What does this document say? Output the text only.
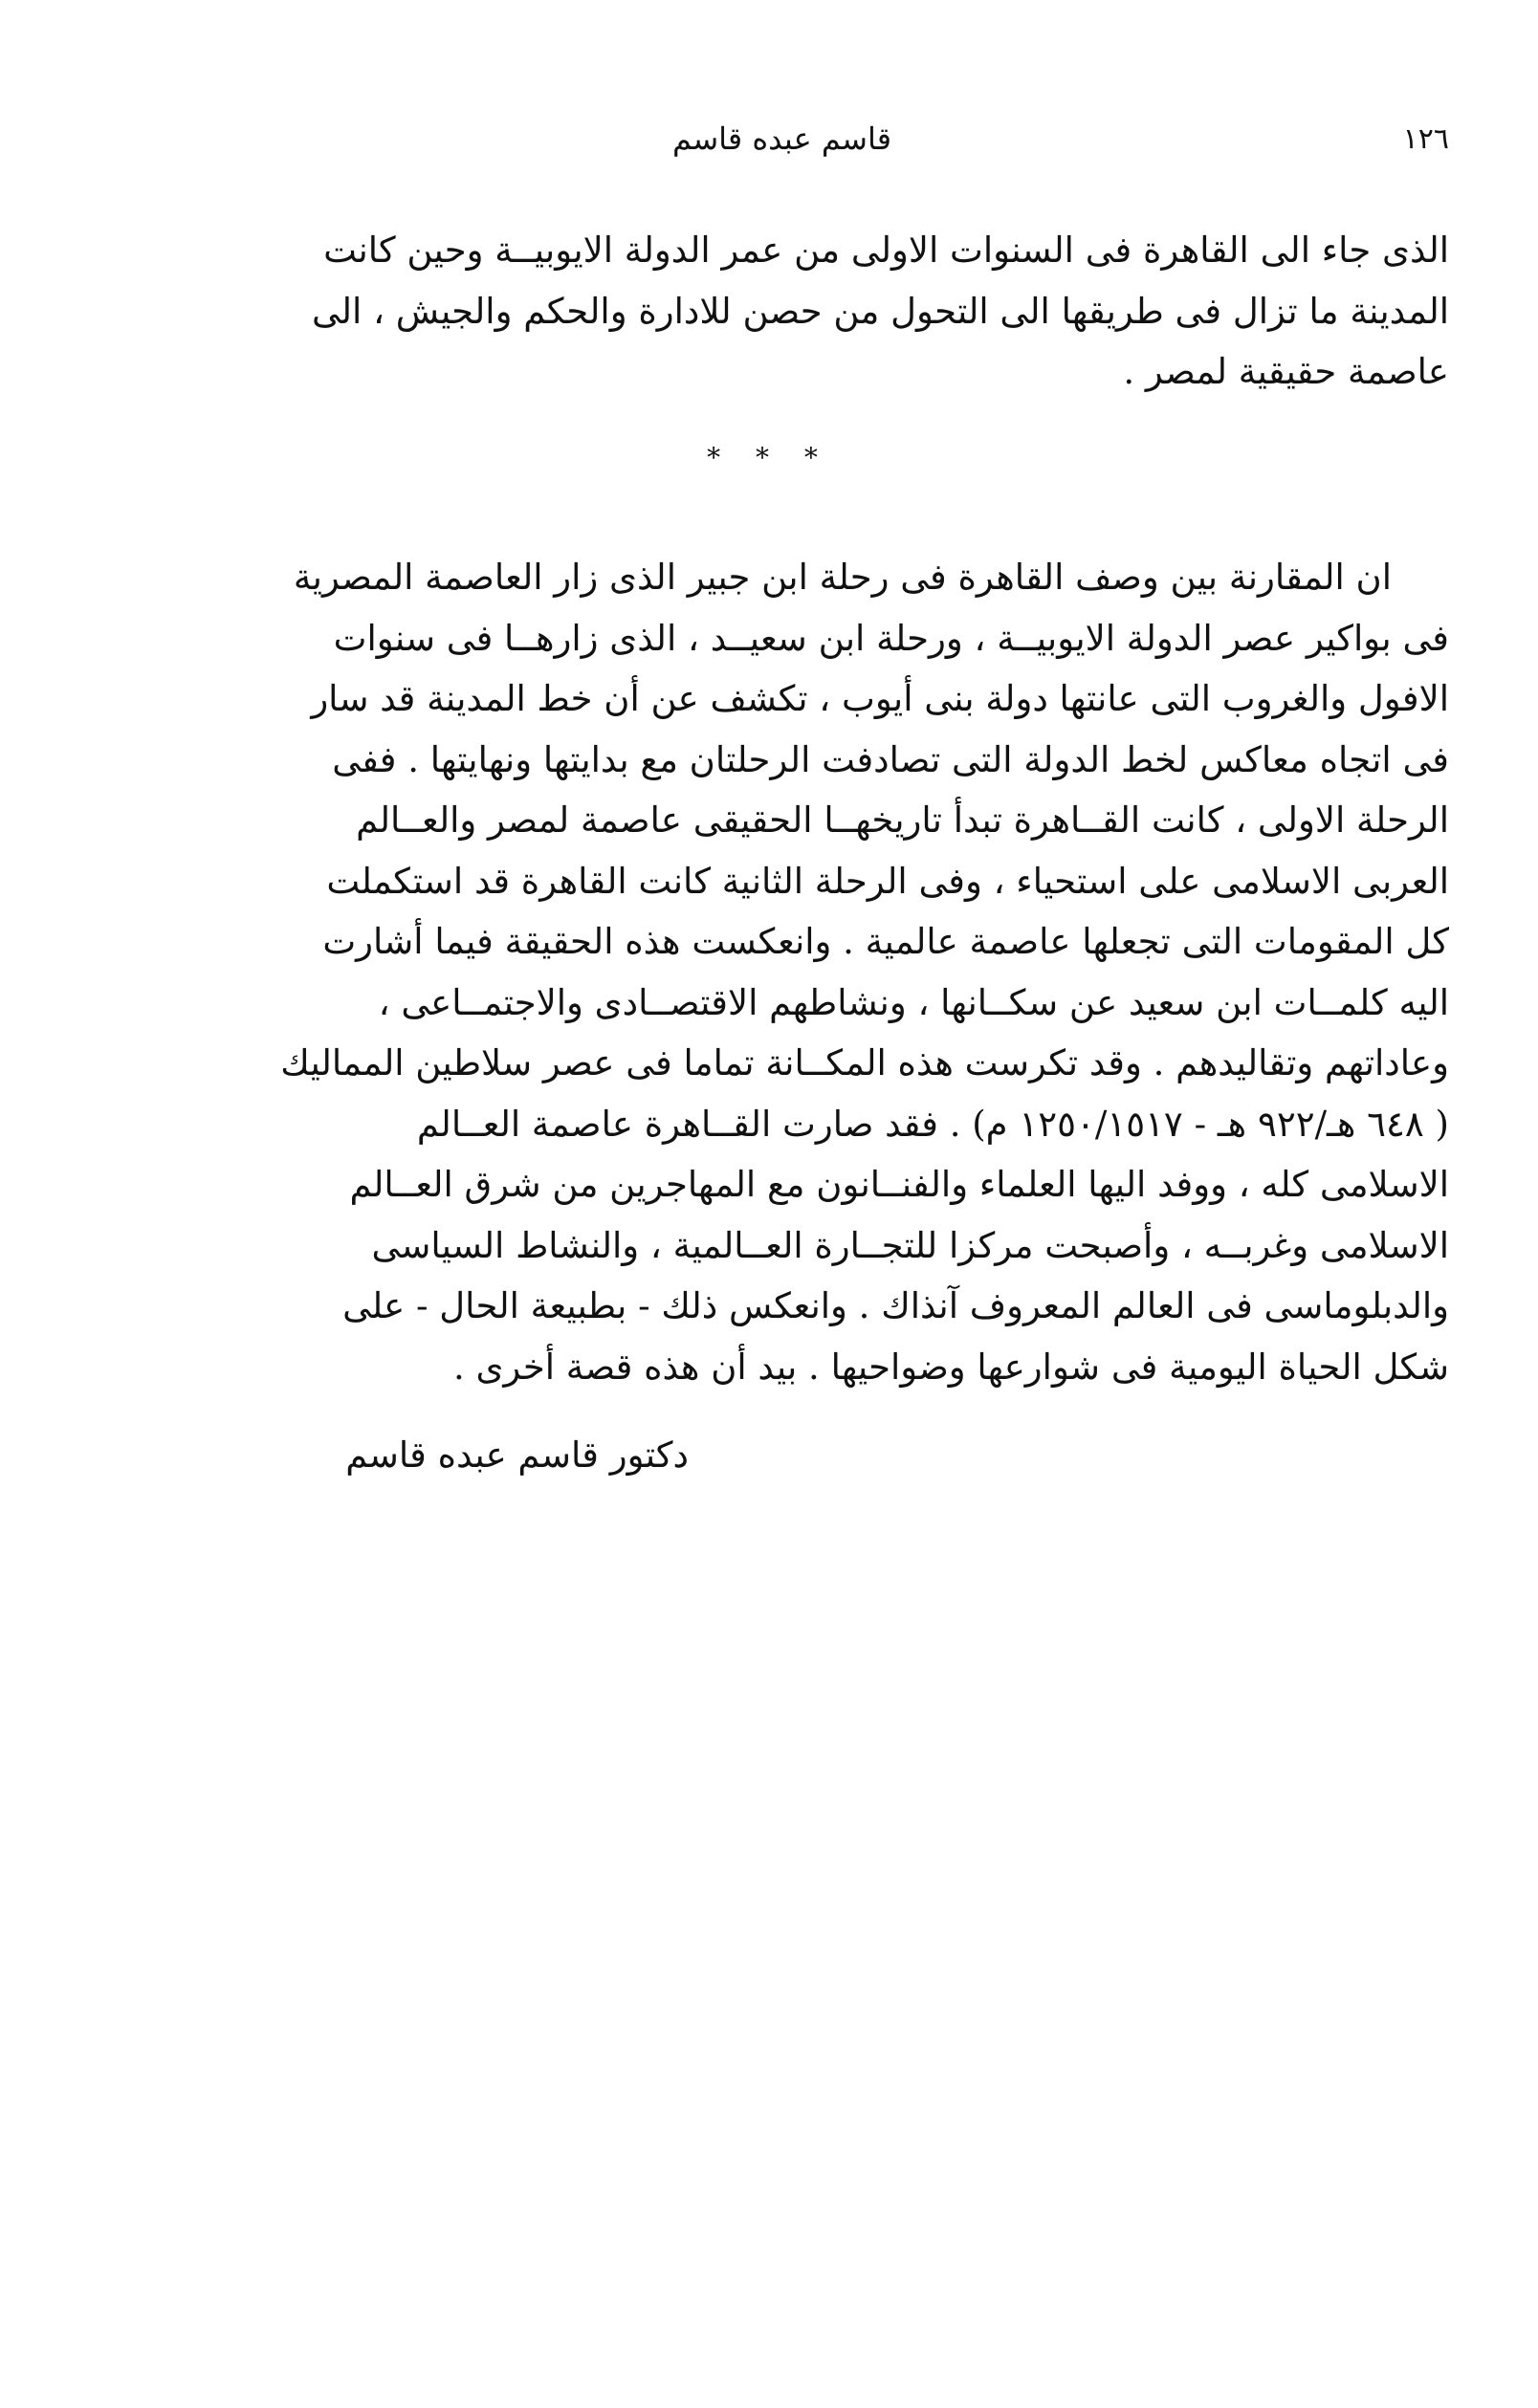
١٢٦
قاسم عبده قاسم
الذى جاء الى القاهرة فى السنوات الاولى من عمر الدولة الايوبيــة وحين كانت
المدينة ما تزال فى طريقها الى التحول من حصن للادارة والحكم والجيش ، الى
عاصمة حقيقية لمصر .
* * *
ان المقارنة بين وصف القاهرة فى رحلة ابن جبير الذى زار العاصمة المصرية
فى بواكير عصر الدولة الايوبيــة ، ورحلة ابن سعيــد ، الذى زارهــا فى سنوات
الافول والغروب التى عانتها دولة بنى أيوب ، تكشف عن أن خط المدينة قد سار
فى اتجاه معاكس لخط الدولة التى تصادفت الرحلتان مع بدايتها ونهايتها . ففى
الرحلة الاولى ، كانت القــاهرة تبدأ تاريخهــا الحقيقى عاصمة لمصر والعــالم
العربى الاسلامى على استحياء ، وفى الرحلة الثانية كانت القاهرة قد استكملت
كل المقومات التى تجعلها عاصمة عالمية . وانعكست هذه الحقيقة فيما أشارت
اليه كلمــات ابن سعيد عن سكــانها ، ونشاطهم الاقتصــادى والاجتمــاعى ،
وعاداتهم وتقاليدهم . وقد تكرست هذه المكــانة تماما فى عصر سلاطين المماليك
( ٦٤٨ هـ/٩٢٢ هـ - ١٢٥٠/١٥١٧ م) . فقد صارت القــاهرة عاصمة العــالم
الاسلامى كله ، ووفد اليها العلماء والفنــانون مع المهاجرين من شرق العــالم
الاسلامى وغربــه ، وأصبحت مركزا للتجــارة العــالمية ، والنشاط السياسى
والدبلوماسى فى العالم المعروف آنذاك . وانعكس ذلك - بطبيعة الحال - على
شكل الحياة اليومية فى شوارعها وضواحيها . بيد أن هذه قصة أخرى .
دكتور قاسم عبده قاسم
